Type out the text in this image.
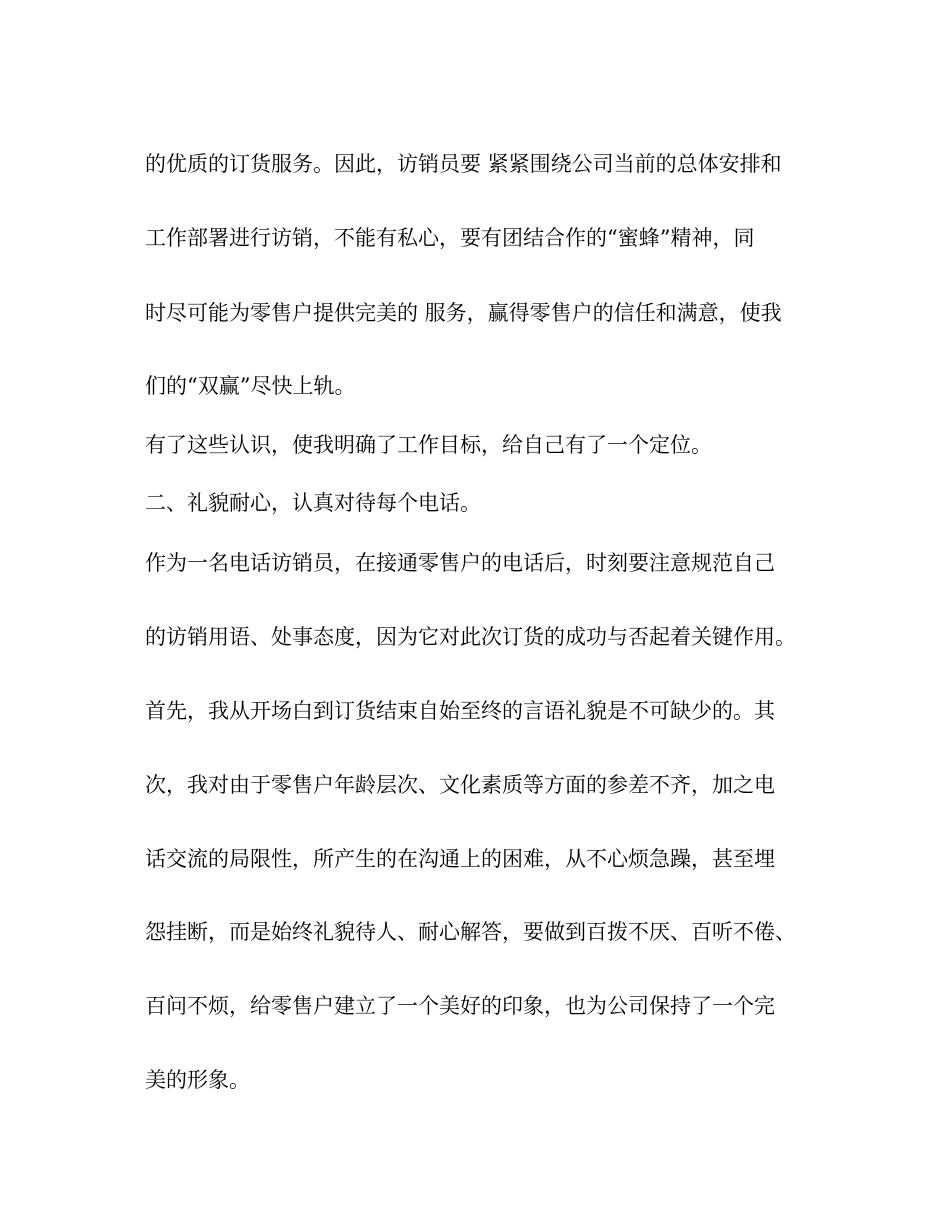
的优质的订货服务。因此，访销员要 紧紧围绕公司当前的总体安排和

工作部署进行访销，不能有私心，要有团结合作的“蜜蜂”精神，同

时尽可能为零售户提供完美的 服务，赢得零售户的信任和满意，使我

们的“双赢”尽快上轨。

有了这些认识，使我明确了工作目标，给自己有了一个定位。

二、礼貌耐心，认真对待每个电话。

作为一名电话访销员，在接通零售户的电话后，时刻要注意规范自己

的访销用语、处事态度，因为它对此次订货的成功与否起着关键作用。

首先，我从开场白到订货结束自始至终的言语礼貌是不可缺少的。其

次，我对由于零售户年龄层次、文化素质等方面的参差不齐，加之电

话交流的局限性，所产生的在沟通上的困难，从不心烦急躁，甚至埋

怨挂断，而是始终礼貌待人、耐心解答，要做到百拨不厌、百听不倦、

百问不烦，给零售户建立了一个美好的印象，也为公司保持了一个完

美的形象。
